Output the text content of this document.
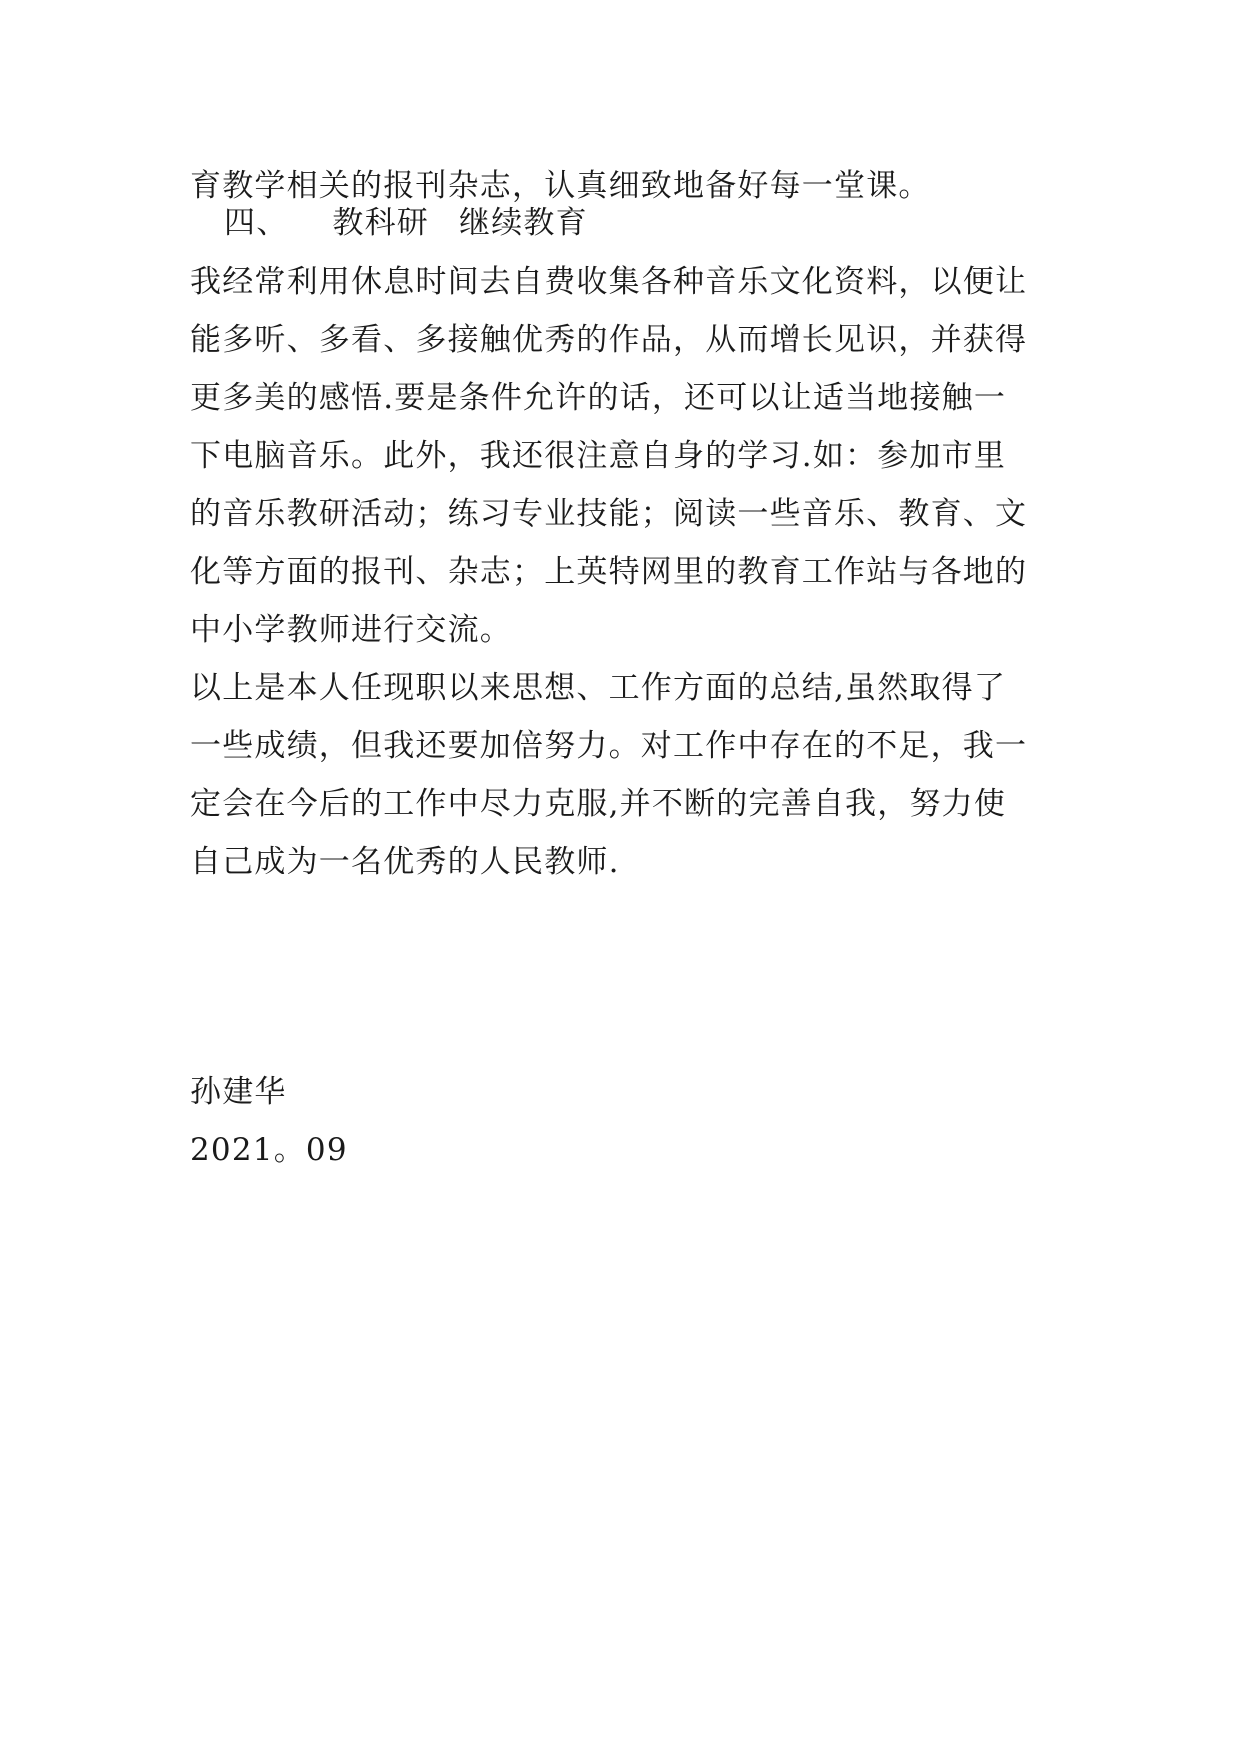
育教学相关的报刊杂志，认真细致地备好每一堂课。
四、 教科研 继续教育
我经常利用休息时间去自费收集各种音乐文化资料，以便让
能多听、多看、多接触优秀的作品，从而增长见识，并获得
更多美的感悟.要是条件允许的话，还可以让适当地接触一
下电脑音乐。此外，我还很注意自身的学习.如：参加市里
的音乐教研活动；练习专业技能；阅读一些音乐、教育、文
化等方面的报刊、杂志；上英特网里的教育工作站与各地的
中小学教师进行交流。
以上是本人任现职以来思想、工作方面的总结,虽然取得了
一些成绩，但我还要加倍努力。对工作中存在的不足，我一
定会在今后的工作中尽力克服,并不断的完善自我，努力使
自己成为一名优秀的人民教师.
孙建华
2021。09
